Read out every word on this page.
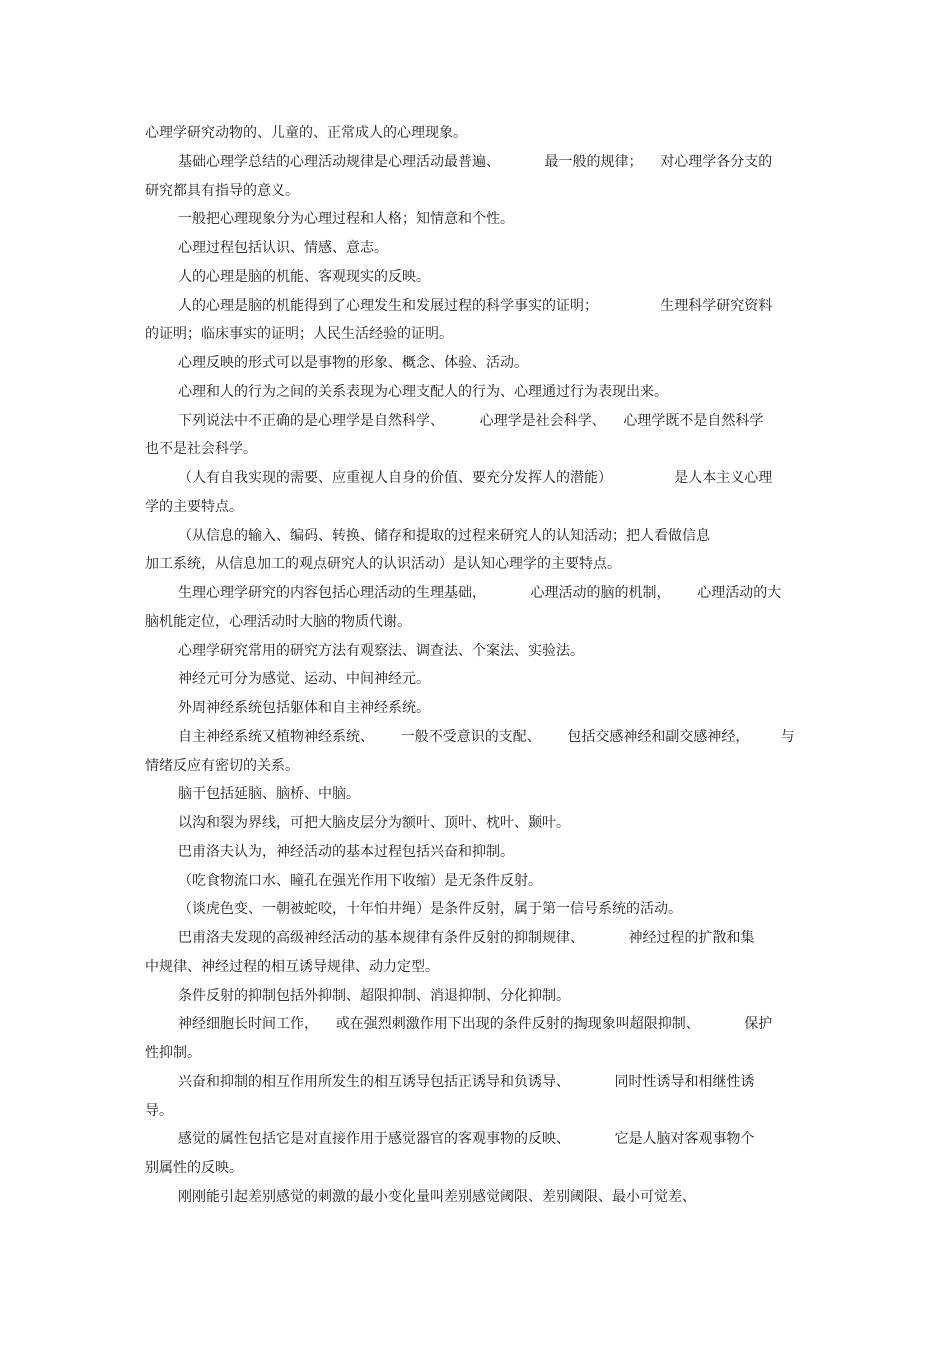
心理学研究动物的、儿童的、正常成人的心理现象。

基础心理学总结的心理活动规律是心理活动最普遍、          最一般的规律；    对心理学各分支的

研究都具有指导的意义。

一般把心理现象分为心理过程和人格；知情意和个性。

心理过程包括认识、情感、意志。

人的心理是脑的机能、客观现实的反映。

人的心理是脑的机能得到了心理发生和发展过程的科学事实的证明；              生理科学研究资料

的证明；临床事实的证明；人民生活经验的证明。

心理反映的形式可以是事物的形象、概念、体验、活动。

心理和人的行为之间的关系表现为心理支配人的行为、心理通过行为表现出来。

下列说法中不正确的是心理学是自然科学、        心理学是社会科学、    心理学既不是自然科学

也不是社会科学。

（人有自我实现的需要、应重视人自身的价值、要充分发挥人的潜能）              是人本主义心理

学的主要特点。

（从信息的输入、编码、转换、储存和提取的过程来研究人的认知活动；把人看做信息

加工系统，从信息加工的观点研究人的认识活动）是认知心理学的主要特点。

生理心理学研究的内容包括心理活动的生理基础，          心理活动的脑的机制，      心理活动的大

脑机能定位，心理活动时大脑的物质代谢。

心理学研究常用的研究方法有观察法、调查法、个案法、实验法。

神经元可分为感觉、运动、中间神经元。

外周神经系统包括躯体和自主神经系统。

自主神经系统又植物神经系统、      一般不受意识的支配、      包括交感神经和副交感神经，       与

情绪反应有密切的关系。

脑干包括延脑、脑桥、中脑。

以沟和裂为界线，可把大脑皮层分为额叶、顶叶、枕叶、颞叶。

巴甫洛夫认为，神经活动的基本过程包括兴奋和抑制。

（吃食物流口水、瞳孔在强光作用下收缩）是无条件反射。

（谈虎色变、一朝被蛇咬，十年怕井绳）是条件反射，属于第一信号系统的活动。

巴甫洛夫发现的高级神经活动的基本规律有条件反射的抑制规律、          神经过程的扩散和集

中规律、神经过程的相互诱导规律、动力定型。

条件反射的抑制包括外抑制、超限抑制、消退抑制、分化抑制。

神经细胞长时间工作，    或在强烈刺激作用下出现的条件反射的掏现象叫超限抑制、          保护

性抑制。

兴奋和抑制的相互作用所发生的相互诱导包括正诱导和负诱导、          同时性诱导和相继性诱

导。

感觉的属性包括它是对直接作用于感觉器官的客观事物的反映、          它是人脑对客观事物个

别属性的反映。

刚刚能引起差别感觉的刺激的最小变化量叫差别感觉阈限、差别阈限、最小可觉差、
